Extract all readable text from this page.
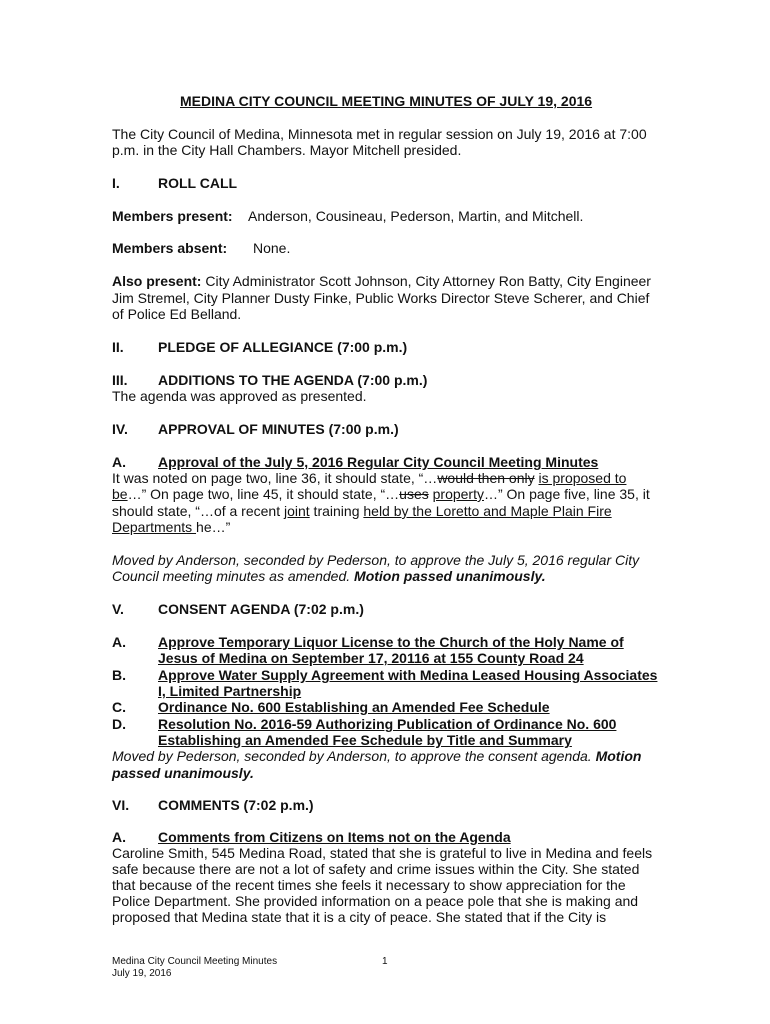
MEDINA CITY COUNCIL MEETING MINUTES OF JULY 19, 2016
The City Council of Medina, Minnesota met in regular session on July 19, 2016 at 7:00
p.m. in the City Hall Chambers. Mayor Mitchell presided.
I.	ROLL CALL
Members present: Anderson, Cousineau, Pederson, Martin, and Mitchell.
Members absent: None.
Also present: City Administrator Scott Johnson, City Attorney Ron Batty, City Engineer
Jim Stremel, City Planner Dusty Finke, Public Works Director Steve Scherer, and Chief
of Police Ed Belland.
II. PLEDGE OF ALLEGIANCE (7:00 p.m.)
III. ADDITIONS TO THE AGENDA (7:00 p.m.)
The agenda was approved as presented.
IV. APPROVAL OF MINUTES (7:00 p.m.)
A. Approval of the July 5, 2016 Regular City Council Meeting Minutes
It was noted on page two, line 36, it should state, “…would then only is proposed to
be…” On page two, line 45, it should state, “…uses property…” On page five, line 35, it
should state, “…of a recent joint training held by the Loretto and Maple Plain Fire
Departments he…”
Moved by Anderson, seconded by Pederson, to approve the July 5, 2016 regular City
Council meeting minutes as amended. Motion passed unanimously.
V. CONSENT AGENDA (7:02 p.m.)
A. Approve Temporary Liquor License to the Church of the Holy Name of
Jesus of Medina on September 17, 20116 at 155 County Road 24
B. Approve Water Supply Agreement with Medina Leased Housing Associates
I, Limited Partnership
C. Ordinance No. 600 Establishing an Amended Fee Schedule
D. Resolution No. 2016-59 Authorizing Publication of Ordinance No. 600
Establishing an Amended Fee Schedule by Title and Summary
Moved by Pederson, seconded by Anderson, to approve the consent agenda. Motion
passed unanimously.
VI. COMMENTS (7:02 p.m.)
A. Comments from Citizens on Items not on the Agenda
Caroline Smith, 545 Medina Road, stated that she is grateful to live in Medina and feels
safe because there are not a lot of safety and crime issues within the City. She stated
that because of the recent times she feels it necessary to show appreciation for the
Police Department. She provided information on a peace pole that she is making and
proposed that Medina state that it is a city of peace. She stated that if the City is
Medina City Council Meeting Minutes
July 19, 2016
1
